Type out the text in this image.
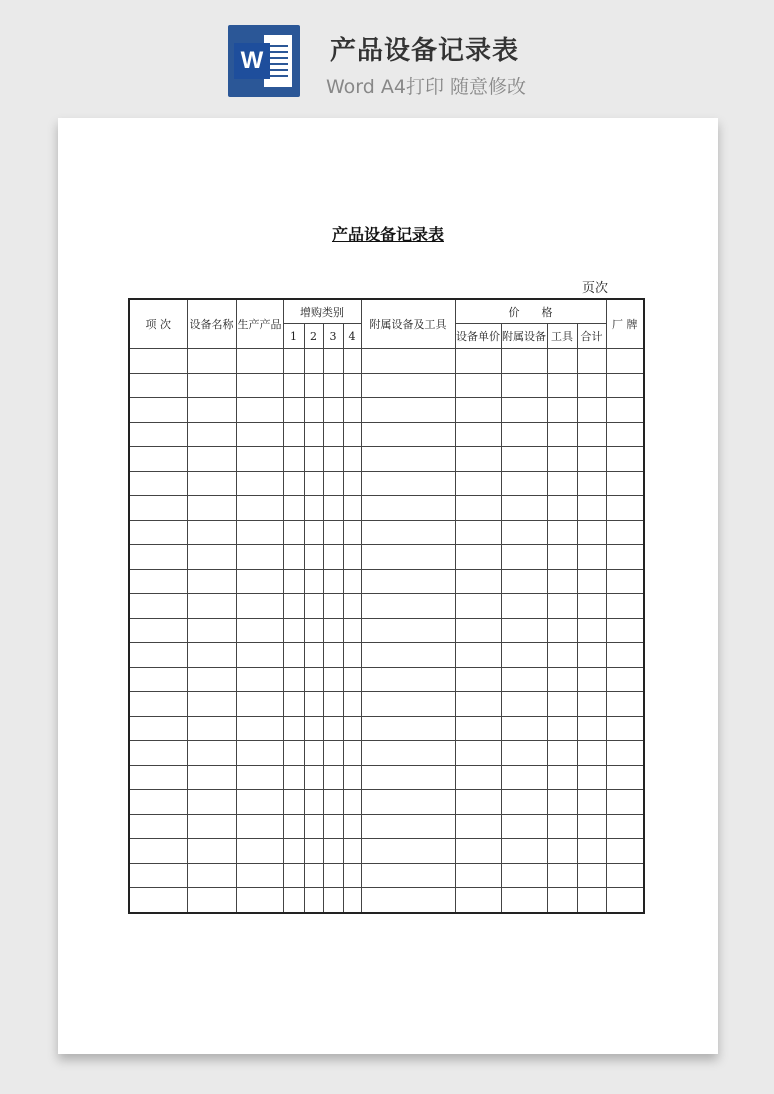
W	产品设备记录表
Word A4打印 随意修改
产品设备记录表
页次
项 次	设备名称	生产产品	增购类别				附属设备及工具	价　　格				厂 牌
			1	2	3	4		设备单价	附属设备	工具	合计	
